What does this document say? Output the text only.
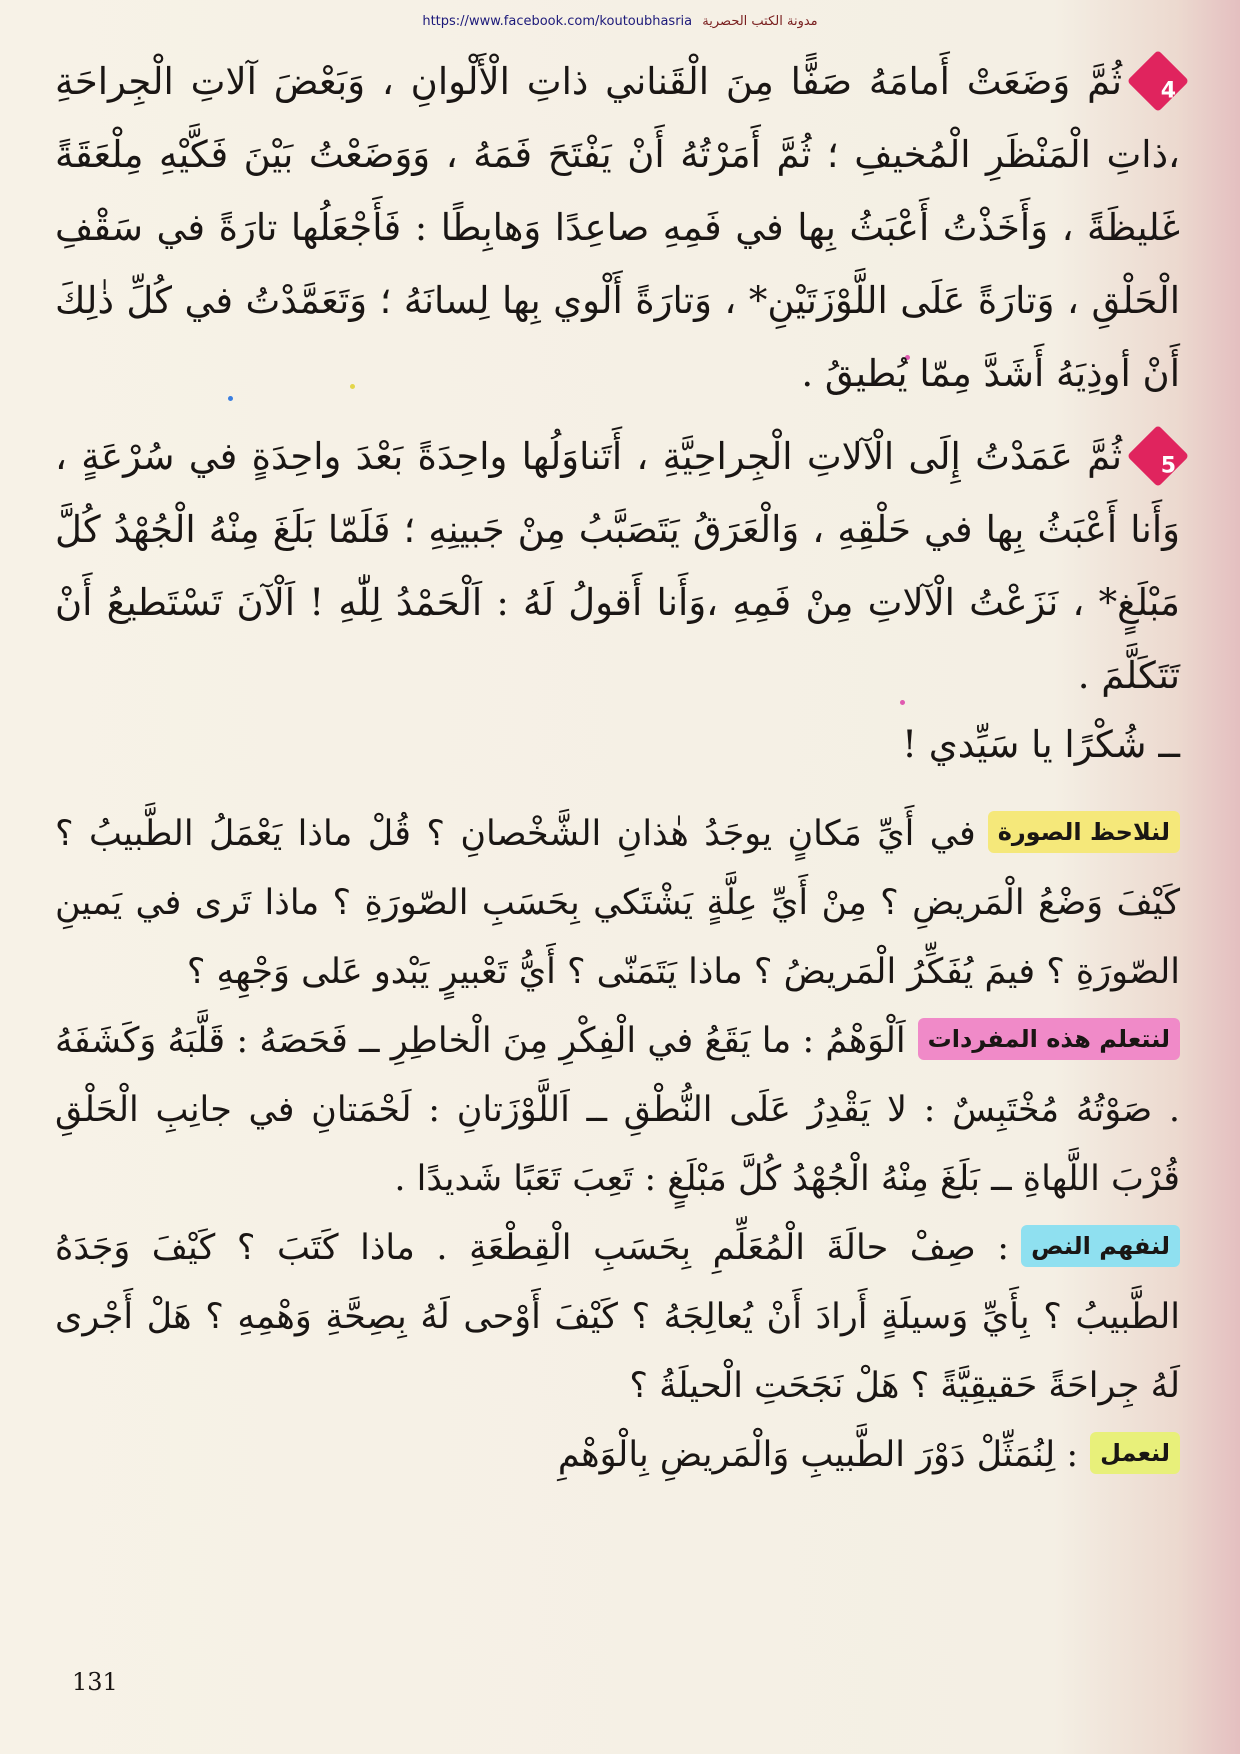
https://www.facebook.com/koutoubhasria مدونة الكتب الحصرية

4ثُمَّ وَضَعَتْ أَمامَهُ صَفًّا مِنَ الْقَناني ذاتِ الْأَلْوانِ ، وَبَعْضَ آلاتِ الْجِراحَةِ ،ذاتِ الْمَنْظَرِ الْمُخيفِ ؛ ثُمَّ أَمَرْتُهُ أَنْ يَفْتَحَ فَمَهُ ، وَوَضَعْتُ بَيْنَ فَكَّيْهِ مِلْعَقَةً غَليظَةً ، وَأَخَذْتُ أَعْبَثُ بِها في فَمِهِ صاعِدًا وَهابِطًا : فَأَجْعَلُها تارَةً في سَقْفِ الْحَلْقِ ، وَتارَةً عَلَى اللَّوْزَتَيْنِ* ، وَتارَةً أَلْوي بِها لِسانَهُ ؛ وَتَعَمَّدْتُ في كُلِّ ذٰلِكَ أَنْ أوذِيَهُ أَشَدَّ مِمّا يُطيقُ .

5ثُمَّ عَمَدْتُ إِلَى الْآلاتِ الْجِراحِيَّةِ ، أَتَناوَلُها واحِدَةً بَعْدَ واحِدَةٍ في سُرْعَةٍ ، وَأَنا أَعْبَثُ بِها في حَلْقِهِ ، وَالْعَرَقُ يَتَصَبَّبُ مِنْ جَبينِهِ ؛ فَلَمّا بَلَغَ مِنْهُ الْجُهْدُ كُلَّ مَبْلَغٍ* ، نَزَعْتُ الْآلاتِ مِنْ فَمِهِ ،وَأَنا أَقولُ لَهُ : اَلْحَمْدُ لِلّٰهِ ! اَلْآنَ تَسْتَطيعُ أَنْ تَتَكَلَّمَ .

ــ شُكْرًا يا سَيِّدي !

لنلاحظ الصورةفي أَيِّ مَكانٍ يوجَدُ هٰذانِ الشَّخْصانِ ؟ قُلْ ماذا يَعْمَلُ الطَّبيبُ ؟ كَيْفَ وَضْعُ الْمَريضِ ؟ مِنْ أَيِّ عِلَّةٍ يَشْتَكي بِحَسَبِ الصّورَةِ ؟ ماذا تَرى في يَمينِ الصّورَةِ ؟ فيمَ يُفَكِّرُ الْمَريضُ ؟ ماذا يَتَمَنّى ؟ أَيُّ تَعْبيرٍ يَبْدو عَلى وَجْهِهِ ؟

لنتعلم هذه المفرداتاَلْوَهْمُ : ما يَقَعُ في الْفِكْرِ مِنَ الْخاطِرِ ــ فَحَصَهُ : قَلَّبَهُ وَكَشَفَهُ . صَوْتُهُ مُخْتَبِسٌ : لا يَقْدِرُ عَلَى النُّطْقِ ــ اَللَّوْزَتانِ : لَحْمَتانِ في جانِبِ الْحَلْقِ قُرْبَ اللَّهاةِ ــ بَلَغَ مِنْهُ الْجُهْدُ كُلَّ مَبْلَغٍ : تَعِبَ تَعَبًا شَديدًا .

لنفهم النص: صِفْ حالَةَ الْمُعَلِّمِ بِحَسَبِ الْقِطْعَةِ . ماذا كَتَبَ ؟ كَيْفَ وَجَدَهُ الطَّبيبُ ؟ بِأَيِّ وَسيلَةٍ أَرادَ أَنْ يُعالِجَهُ ؟ كَيْفَ أَوْحى لَهُ بِصِحَّةِ وَهْمِهِ ؟ هَلْ أَجْرى لَهُ جِراحَةً حَقيقِيَّةً ؟ هَلْ نَجَحَتِ الْحيلَةُ ؟

لنعمل: لِنُمَثِّلْ دَوْرَ الطَّبيبِ وَالْمَريضِ بِالْوَهْمِ

131
